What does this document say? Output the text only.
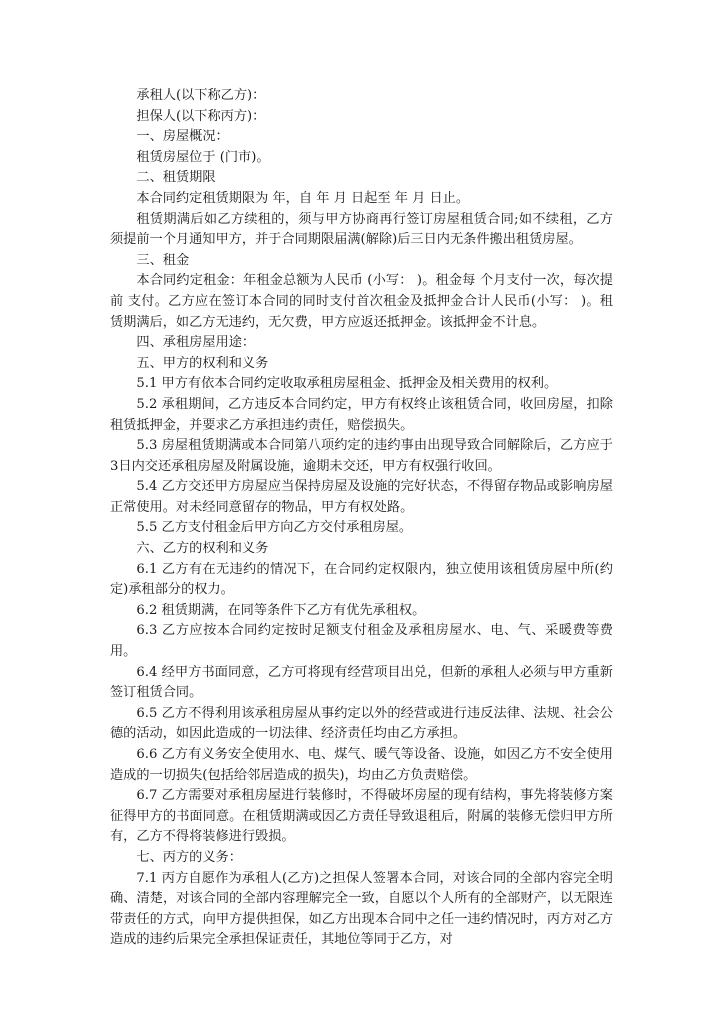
承租人(以下称乙方)：

担保人(以下称丙方)：

一、房屋概况：

租赁房屋位于 (门市)。

二、租赁期限

本合同约定租赁期限为 年，自 年 月 日起至 年 月 日止。

租赁期满后如乙方续租的，须与甲方协商再行签订房屋租赁合同;如不续租，乙方须提前一个月通知甲方，并于合同期限届满(解除)后三日内无条件搬出租赁房屋。

三、租金

本合同约定租金：年租金总额为人民币 (小写： )。租金每 个月支付一次，每次提前 支付。乙方应在签订本合同的同时支付首次租金及抵押金合计人民币(小写： )。租赁期满后，如乙方无违约，无欠费，甲方应返还抵押金。该抵押金不计息。

四、承租房屋用途：

五、甲方的权利和义务

5.1 甲方有依本合同约定收取承租房屋租金、抵押金及相关费用的权利。

5.2 承租期间，乙方违反本合同约定，甲方有权终止该租赁合同，收回房屋，扣除租赁抵押金，并要求乙方承担违约责任，赔偿损失。

5.3 房屋租赁期满或本合同第八项约定的违约事由出现导致合同解除后，乙方应于3日内交还承租房屋及附属设施，逾期未交还，甲方有权强行收回。

5.4 乙方交还甲方房屋应当保持房屋及设施的完好状态，不得留存物品或影响房屋正常使用。对未经同意留存的物品，甲方有权处路。

5.5 乙方支付租金后甲方向乙方交付承租房屋。

六、乙方的权利和义务

6.1 乙方有在无违约的情况下，在合同约定权限内，独立使用该租赁房屋中所(约定)承租部分的权力。

6.2 租赁期满，在同等条件下乙方有优先承租权。

6.3 乙方应按本合同约定按时足额支付租金及承租房屋水、电、气、采暖费等费用。

6.4 经甲方书面同意，乙方可将现有经营项目出兑，但新的承租人必须与甲方重新签订租赁合同。

6.5 乙方不得利用该承租房屋从事约定以外的经营或进行违反法律、法规、社会公德的活动，如因此造成的一切法律、经济责任均由乙方承担。

6.6 乙方有义务安全使用水、电、煤气、暖气等设备、设施，如因乙方不安全使用造成的一切损失(包括给邻居造成的损失)，均由乙方负责赔偿。

6.7 乙方需要对承租房屋进行装修时，不得破坏房屋的现有结构，事先将装修方案征得甲方的书面同意。在租赁期满或因乙方责任导致退租后，附属的装修无偿归甲方所有，乙方不得将装修进行毁损。

七、丙方的义务：

7.1 丙方自愿作为承租人(乙方)之担保人签署本合同，对该合同的全部内容完全明确、清楚，对该合同的全部内容理解完全一致，自愿以个人所有的全部财产，以无限连带责任的方式，向甲方提供担保，如乙方出现本合同中之任一违约情况时，丙方对乙方造成的违约后果完全承担保证责任，其地位等同于乙方，对
